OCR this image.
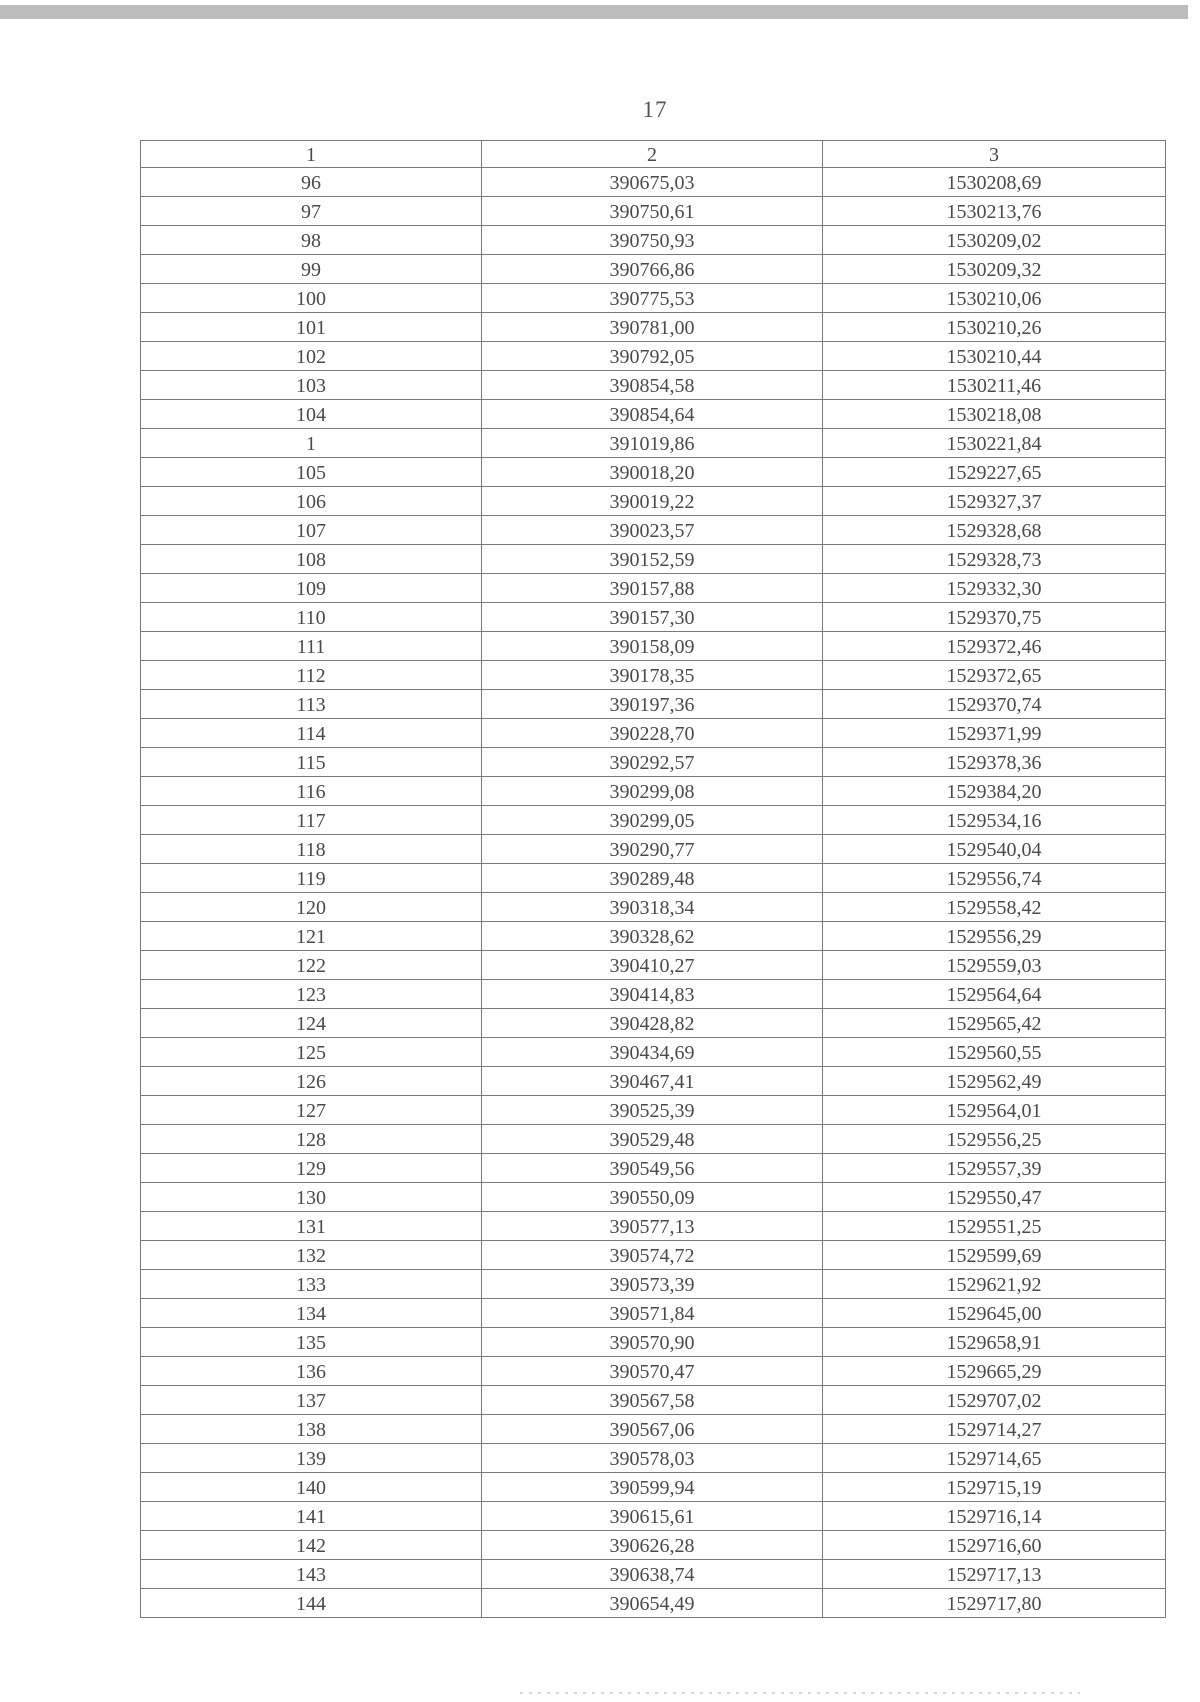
17
1	2	3
96	390675,03	1530208,69
97	390750,61	1530213,76
98	390750,93	1530209,02
99	390766,86	1530209,32
100	390775,53	1530210,06
101	390781,00	1530210,26
102	390792,05	1530210,44
103	390854,58	1530211,46
104	390854,64	1530218,08
1	391019,86	1530221,84
105	390018,20	1529227,65
106	390019,22	1529327,37
107	390023,57	1529328,68
108	390152,59	1529328,73
109	390157,88	1529332,30
110	390157,30	1529370,75
111	390158,09	1529372,46
112	390178,35	1529372,65
113	390197,36	1529370,74
114	390228,70	1529371,99
115	390292,57	1529378,36
116	390299,08	1529384,20
117	390299,05	1529534,16
118	390290,77	1529540,04
119	390289,48	1529556,74
120	390318,34	1529558,42
121	390328,62	1529556,29
122	390410,27	1529559,03
123	390414,83	1529564,64
124	390428,82	1529565,42
125	390434,69	1529560,55
126	390467,41	1529562,49
127	390525,39	1529564,01
128	390529,48	1529556,25
129	390549,56	1529557,39
130	390550,09	1529550,47
131	390577,13	1529551,25
132	390574,72	1529599,69
133	390573,39	1529621,92
134	390571,84	1529645,00
135	390570,90	1529658,91
136	390570,47	1529665,29
137	390567,58	1529707,02
138	390567,06	1529714,27
139	390578,03	1529714,65
140	390599,94	1529715,19
141	390615,61	1529716,14
142	390626,28	1529716,60
143	390638,74	1529717,13
144	390654,49	1529717,80
